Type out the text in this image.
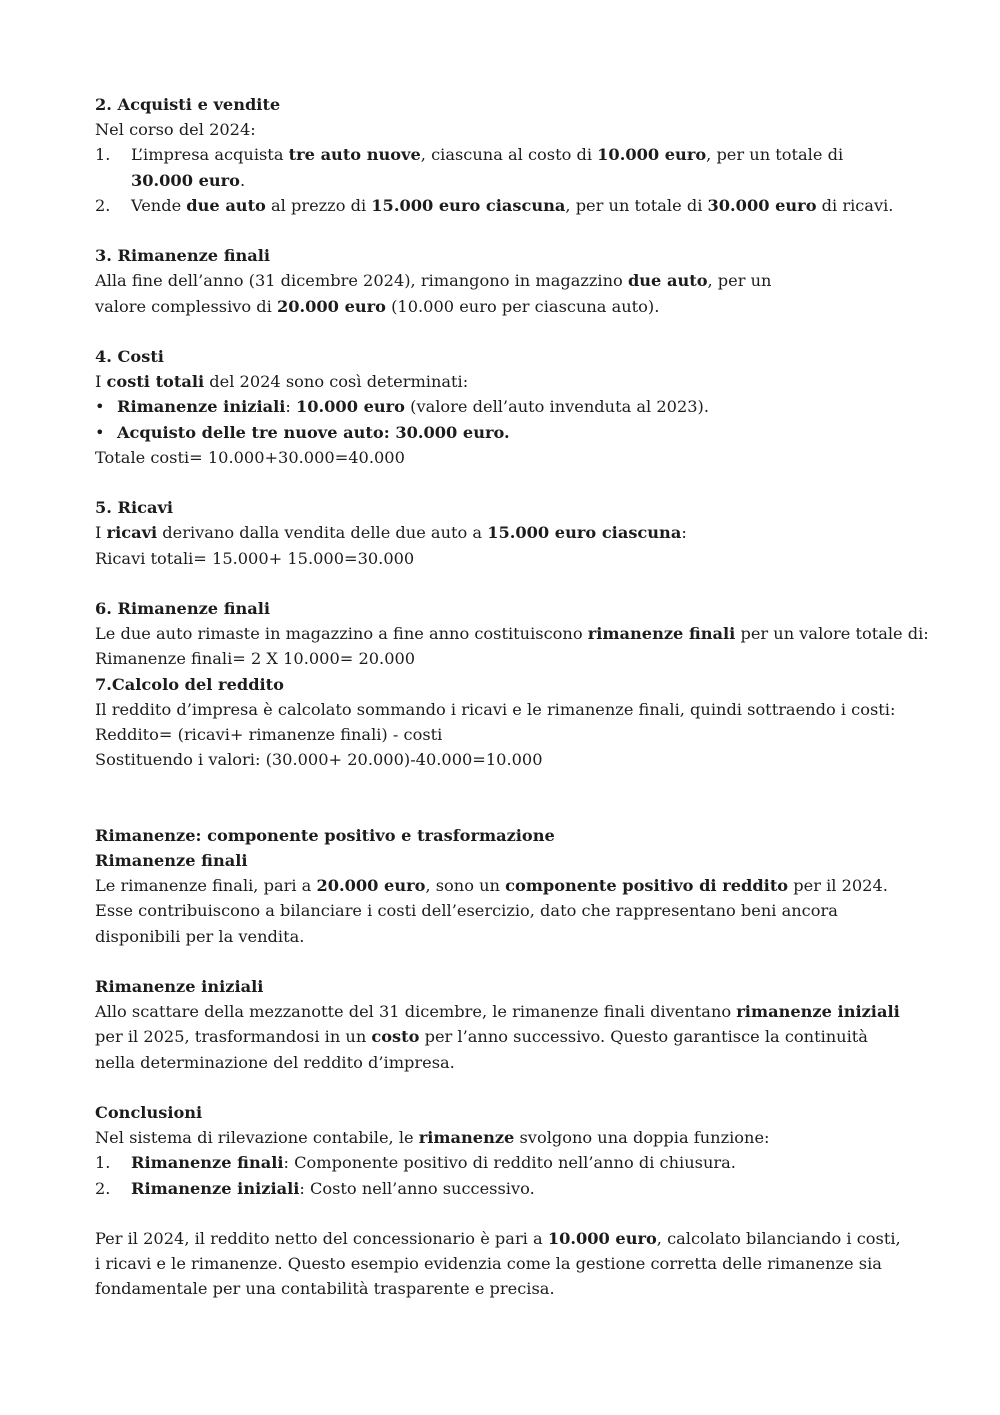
2. Acquisti e vendite

Nel corso del 2024:

1.	L’impresa acquista tre auto nuove, ciascuna al costo di 10.000 euro, per un totale di 30.000 euro.
2.	Vende due auto al prezzo di 15.000 euro ciascuna, per un totale di 30.000 euro di ricavi.
3. Rimanenze finali

Alla fine dell’anno (31 dicembre 2024), rimangono in magazzino due auto, per un valore complessivo di 20.000 euro (10.000 euro per ciascuna auto).

4. Costi

I costi totali del 2024 sono così determinati:

• Rimanenze iniziali: 10.000 euro (valore dell’auto invenduta al 2023).
• Acquisto delle tre nuove auto: 30.000 euro.

Totale costi= 10.000+30.000=40.000

5. Ricavi

I ricavi derivano dalla vendita delle due auto a 15.000 euro ciascuna:

Ricavi totali= 15.000+ 15.000=30.000

6. Rimanenze finali

Le due auto rimaste in magazzino a fine anno costituiscono rimanenze finali per un valore totale di:

Rimanenze finali= 2 X 10.000= 20.000

7.Calcolo del reddito

Il reddito d’impresa è calcolato sommando i ricavi e le rimanenze finali, quindi sottraendo i costi:

Reddito= (ricavi+ rimanenze finali) - costi

Sostituendo i valori: (30.000+ 20.000)-40.000=10.000

Rimanenze: componente positivo e trasformazione
Rimanenze finali

Le rimanenze finali, pari a 20.000 euro, sono un componente positivo di reddito per il 2024. Esse contribuiscono a bilanciare i costi dell’esercizio, dato che rappresentano beni ancora disponibili per la vendita.

Rimanenze iniziali

Allo scattare della mezzanotte del 31 dicembre, le rimanenze finali diventano rimanenze iniziali per il 2025, trasformandosi in un costo per l’anno successivo. Questo garantisce la continuità nella determinazione del reddito d’impresa.

Conclusioni

Nel sistema di rilevazione contabile, le rimanenze svolgono una doppia funzione:

1.	Rimanenze finali: Componente positivo di reddito nell’anno di chiusura.
2.	Rimanenze iniziali: Costo nell’anno successivo.

Per il 2024, il reddito netto del concessionario è pari a 10.000 euro, calcolato bilanciando i costi, i ricavi e le rimanenze. Questo esempio evidenzia come la gestione corretta delle rimanenze sia fondamentale per una contabilità trasparente e precisa.
